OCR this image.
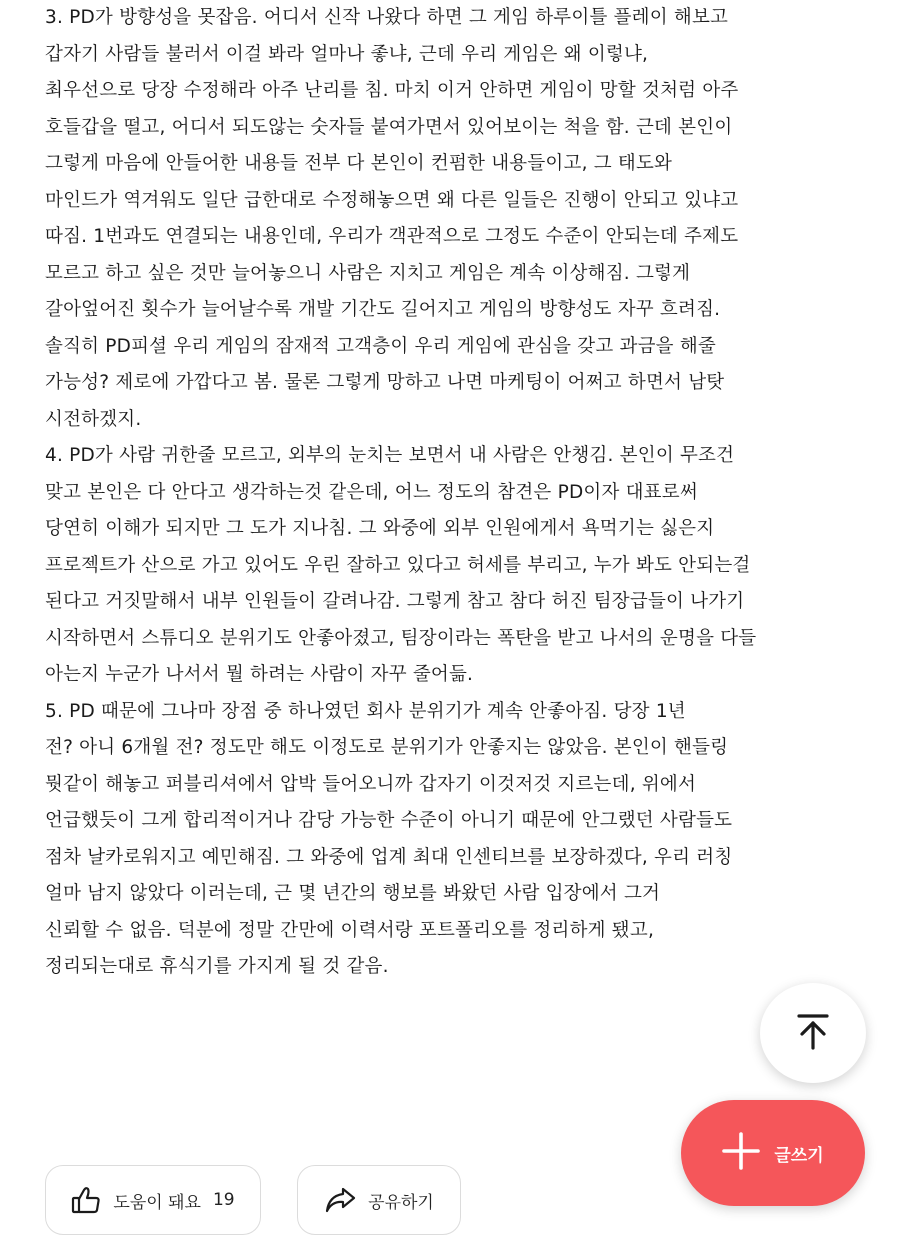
3. PD가 방향성을 못잡음. 어디서 신작 나왔다 하면 그 게임 하루이틀 플레이 해보고
갑자기 사람들 불러서 이걸 봐라 얼마나 좋냐, 근데 우리 게임은 왜 이렇냐,
최우선으로 당장 수정해라 아주 난리를 침. 마치 이거 안하면 게임이 망할 것처럼 아주
호들갑을 떨고, 어디서 되도않는 숫자들 붙여가면서 있어보이는 척을 함. 근데 본인이
그렇게 마음에 안들어한 내용들 전부 다 본인이 컨펌한 내용들이고, 그 태도와
마인드가 역겨워도 일단 급한대로 수정해놓으면 왜 다른 일들은 진행이 안되고 있냐고
따짐. 1번과도 연결되는 내용인데, 우리가 객관적으로 그정도 수준이 안되는데 주제도
모르고 하고 싶은 것만 늘어놓으니 사람은 지치고 게임은 계속 이상해짐. 그렇게
갈아엎어진 횟수가 늘어날수록 개발 기간도 길어지고 게임의 방향성도 자꾸 흐려짐.
솔직히 PD피셜 우리 게임의 잠재적 고객층이 우리 게임에 관심을 갖고 과금을 해줄
가능성? 제로에 가깝다고 봄. 물론 그렇게 망하고 나면 마케팅이 어쩌고 하면서 남탓
시전하겠지.
4. PD가 사람 귀한줄 모르고, 외부의 눈치는 보면서 내 사람은 안챙김. 본인이 무조건
맞고 본인은 다 안다고 생각하는것 같은데, 어느 정도의 참견은 PD이자 대표로써
당연히 이해가 되지만 그 도가 지나침. 그 와중에 외부 인원에게서 욕먹기는 싫은지
프로젝트가 산으로 가고 있어도 우린 잘하고 있다고 허세를 부리고, 누가 봐도 안되는걸
된다고 거짓말해서 내부 인원들이 갈려나감. 그렇게 참고 참다 허진 팀장급들이 나가기
시작하면서 스튜디오 분위기도 안좋아졌고, 팀장이라는 폭탄을 받고 나서의 운명을 다들
아는지 누군가 나서서 뭘 하려는 사람이 자꾸 줄어듦.
5. PD 때문에 그나마 장점 중 하나였던 회사 분위기가 계속 안좋아짐. 당장 1년
전? 아니 6개월 전? 정도만 해도 이정도로 분위기가 안좋지는 않았음. 본인이 핸들링
뭣같이 해놓고 퍼블리셔에서 압박 들어오니까 갑자기 이것저것 지르는데, 위에서
언급했듯이 그게 합리적이거나 감당 가능한 수준이 아니기 때문에 안그랬던 사람들도
점차 날카로워지고 예민해짐. 그 와중에 업계 최대 인센티브를 보장하겠다, 우리 러칭
얼마 남지 않았다 이러는데, 근 몇 년간의 행보를 봐왔던 사람 입장에서 그거
신뢰할 수 없음. 덕분에 정말 간만에 이력서랑 포트폴리오를 정리하게 됐고,
정리되는대로 휴식기를 가지게 될 것 같음.
도움이 돼요 19	공유하기
글쓰기
